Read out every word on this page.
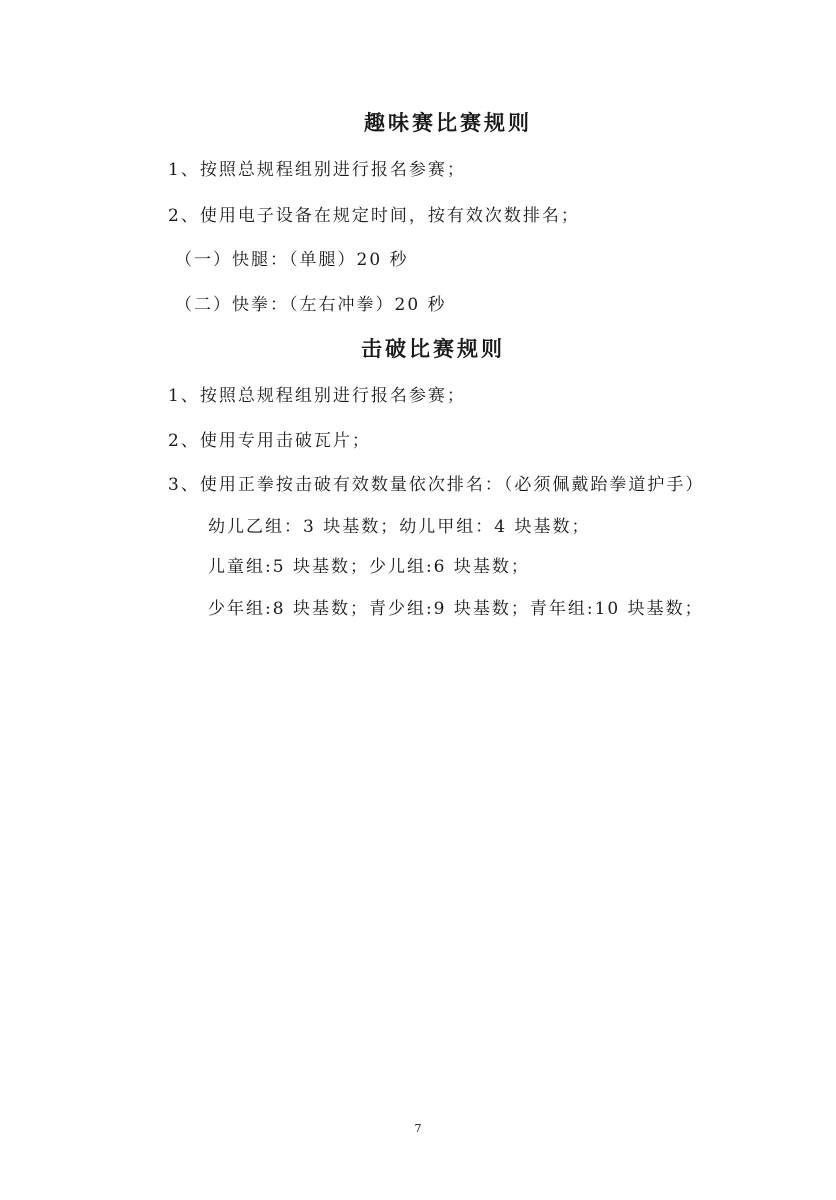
趣味赛比赛规则
1、按照总规程组别进行报名参赛；
2、使用电子设备在规定时间，按有效次数排名；
（一）快腿：（单腿）20 秒
（二）快拳：（左右冲拳）20 秒
击破比赛规则
1、按照总规程组别进行报名参赛；
2、使用专用击破瓦片；
3、使用正拳按击破有效数量依次排名：（必须佩戴跆拳道护手）
幼儿乙组：3 块基数；幼儿甲组：4 块基数；
儿童组:5 块基数；少儿组:6 块基数；
少年组:8 块基数；青少组:9 块基数；青年组:10 块基数；
7
